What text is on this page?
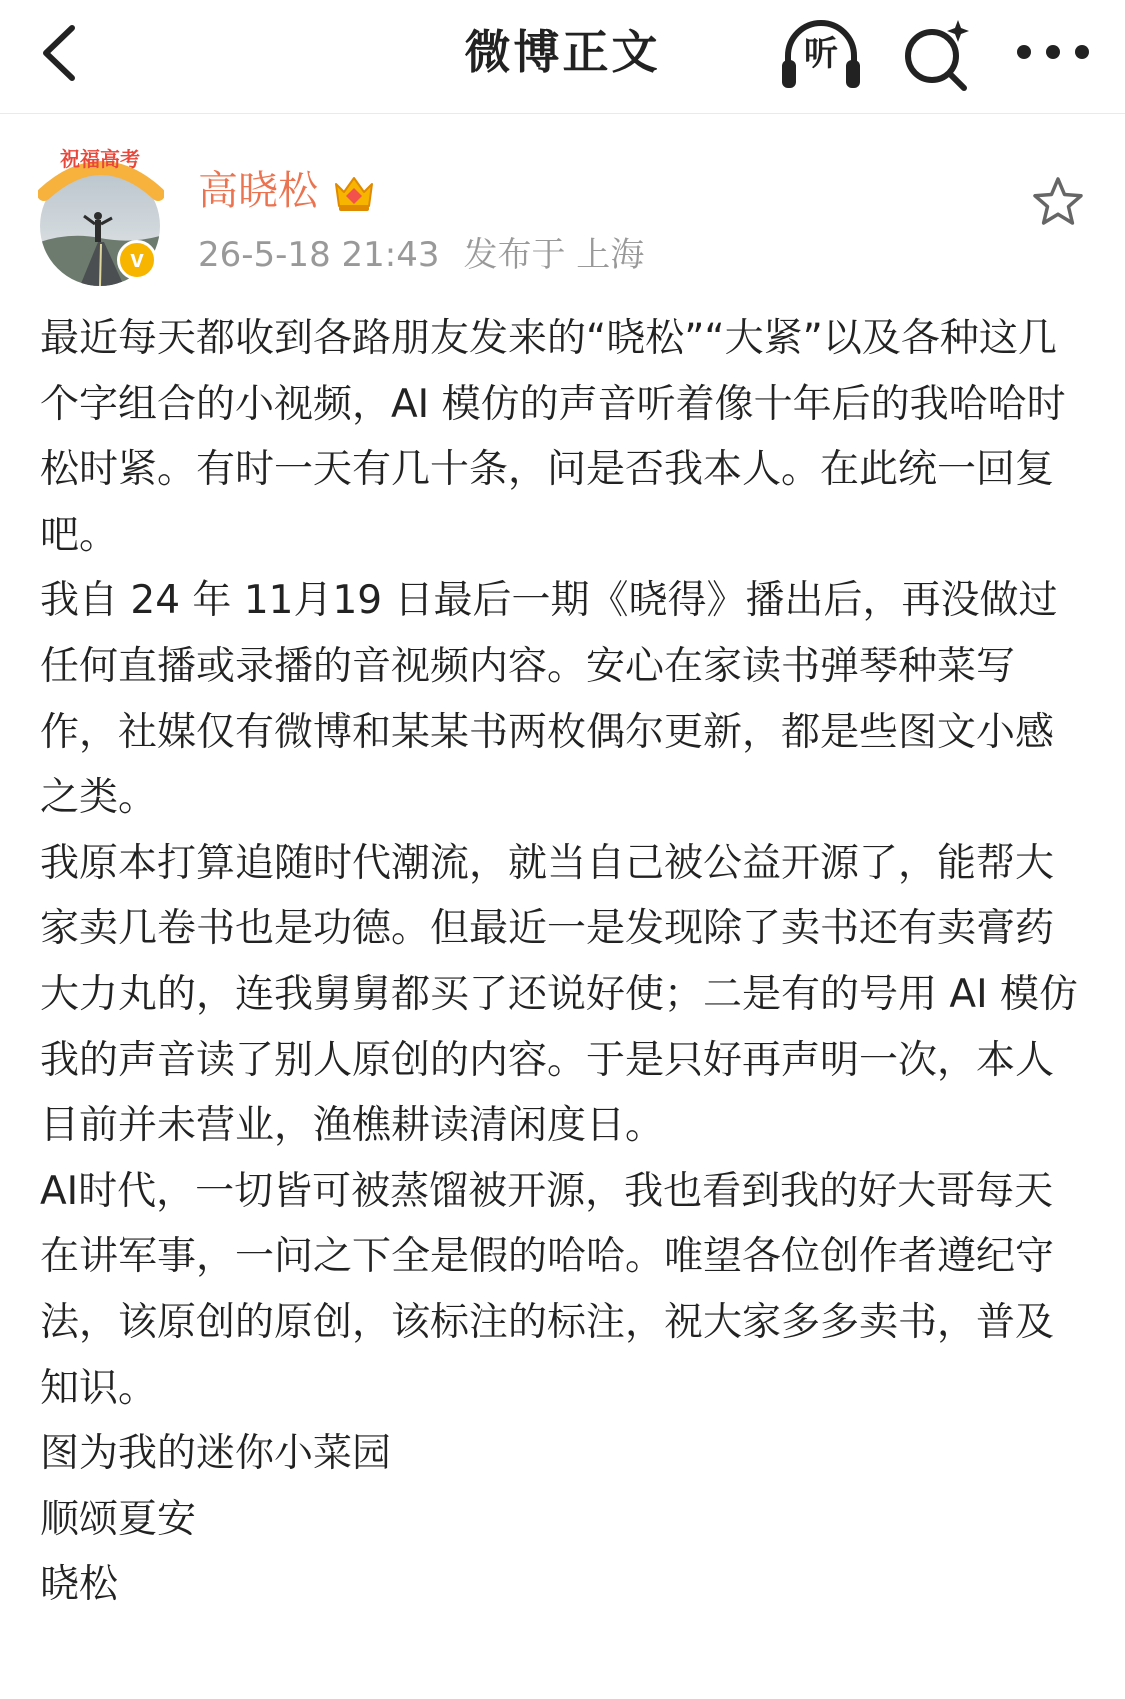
微博正文	听
祝福高考
v
高晓松
26-5-18 21:43 发布于 上海

最近每天都收到各路朋友发来的“晓松”“大紧”以及各种这几个字组合的小视频，AI 模仿的声音听着像十年后的我哈哈时松时紧。有时一天有几十条，问是否我本人。在此统一回复吧。

我自 24 年 11月19 日最后一期《晓得》播出后，再没做过任何直播或录播的音视频内容。安心在家读书弹琴种菜写作，社媒仅有微博和某某书两枚偶尔更新，都是些图文小感之类。

我原本打算追随时代潮流，就当自己被公益开源了，能帮大家卖几卷书也是功德。但最近一是发现除了卖书还有卖膏药大力丸的，连我舅舅都买了还说好使；二是有的号用 AI 模仿我的声音读了别人原创的内容。于是只好再声明一次，本人目前并未营业，渔樵耕读清闲度日。

AI时代，一切皆可被蒸馏被开源，我也看到我的好大哥每天在讲军事，一问之下全是假的哈哈。唯望各位创作者遵纪守法，该原创的原创，该标注的标注，祝大家多多卖书，普及知识。

图为我的迷你小菜园

顺颂夏安

晓松
